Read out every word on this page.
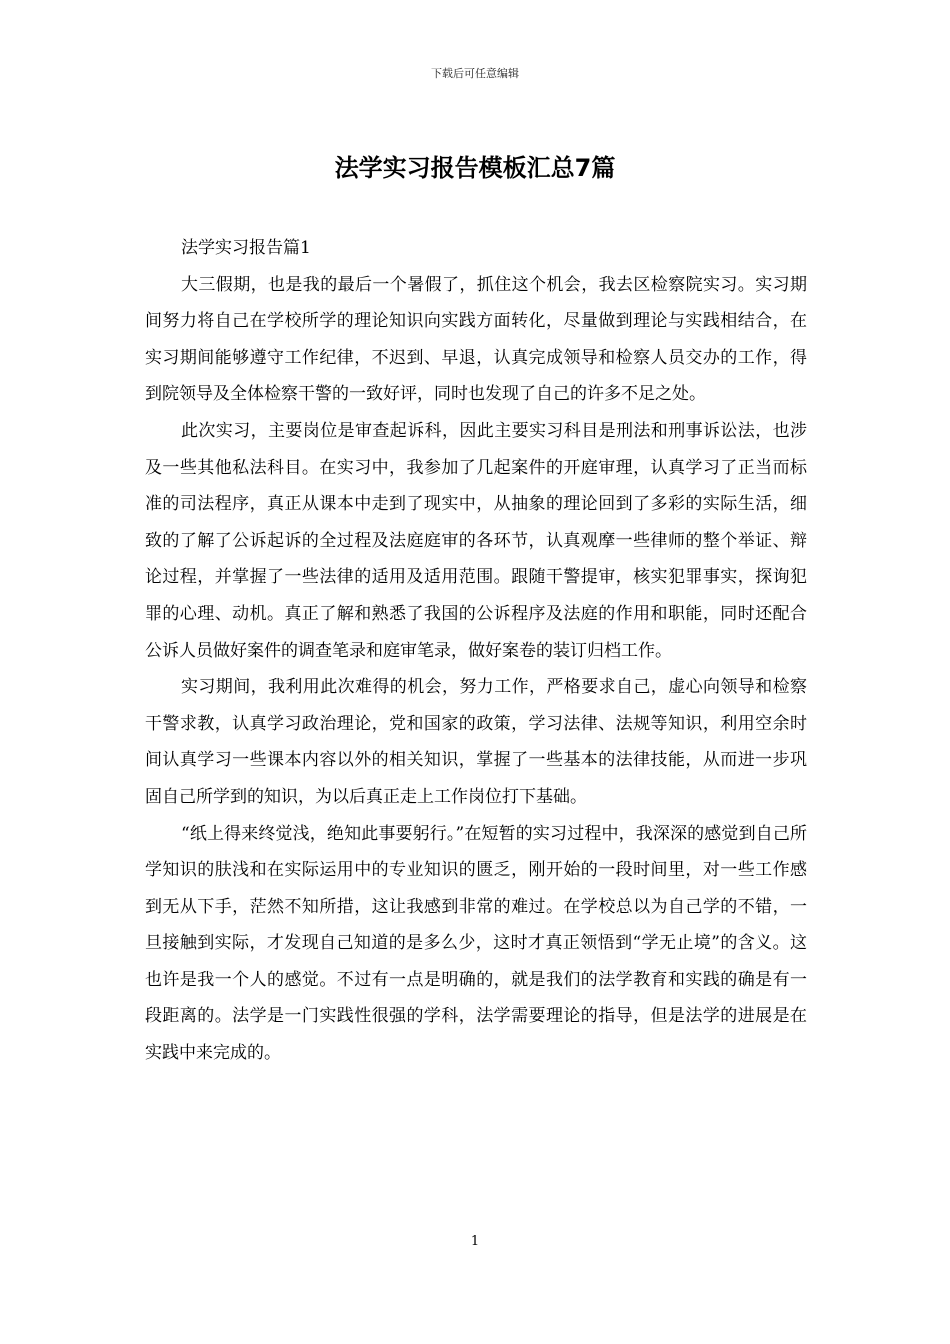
下载后可任意编辑
法学实习报告模板汇总7篇

法学实习报告篇1

大三假期，也是我的最后一个暑假了，抓住这个机会，我去区检察院实习。实习期间努力将自己在学校所学的理论知识向实践方面转化，尽量做到理论与实践相结合，在实习期间能够遵守工作纪律，不迟到、早退，认真完成领导和检察人员交办的工作，得到院领导及全体检察干警的一致好评，同时也发现了自己的许多不足之处。

此次实习，主要岗位是审查起诉科，因此主要实习科目是刑法和刑事诉讼法，也涉及一些其他私法科目。在实习中，我参加了几起案件的开庭审理，认真学习了正当而标准的司法程序，真正从课本中走到了现实中，从抽象的理论回到了多彩的实际生活，细致的了解了公诉起诉的全过程及法庭庭审的各环节，认真观摩一些律师的整个举证、辩论过程，并掌握了一些法律的适用及适用范围。跟随干警提审，核实犯罪事实，探询犯罪的心理、动机。真正了解和熟悉了我国的公诉程序及法庭的作用和职能，同时还配合公诉人员做好案件的调查笔录和庭审笔录，做好案卷的装订归档工作。

实习期间，我利用此次难得的机会，努力工作，严格要求自己，虚心向领导和检察干警求教，认真学习政治理论，党和国家的政策，学习法律、法规等知识，利用空余时间认真学习一些课本内容以外的相关知识，掌握了一些基本的法律技能，从而进一步巩固自己所学到的知识，为以后真正走上工作岗位打下基础。

“纸上得来终觉浅，绝知此事要躬行。”在短暂的实习过程中，我深深的感觉到自己所学知识的肤浅和在实际运用中的专业知识的匮乏，刚开始的一段时间里，对一些工作感到无从下手，茫然不知所措，这让我感到非常的难过。在学校总以为自己学的不错，一旦接触到实际，才发现自己知道的是多么少，这时才真正领悟到“学无止境”的含义。这也许是我一个人的感觉。不过有一点是明确的，就是我们的法学教育和实践的确是有一段距离的。法学是一门实践性很强的学科，法学需要理论的指导，但是法学的进展是在实践中来完成的。

1
